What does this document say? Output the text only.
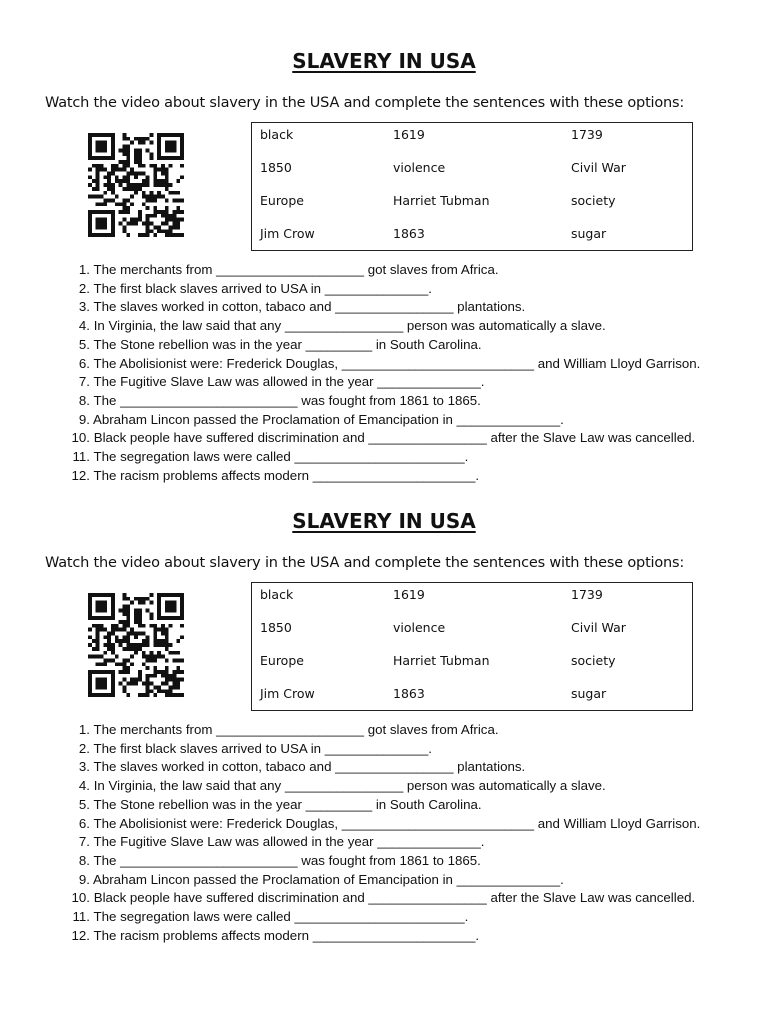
SLAVERY IN USA
Watch the video about slavery in the USA and complete the sentences with these options:
black	1619	1739
1850	violence	Civil War
Europe	Harriet Tubman	society
Jim Crow	1863	sugar
1. The merchants from ____________________ got slaves from Africa.
2. The first black slaves arrived to USA in ______________.
3. The slaves worked in cotton, tabaco and ________________ plantations.
4. In Virginia, the law said that any ________________ person was automatically a slave.
5. The Stone rebellion was in the year _________ in South Carolina.
6. The Abolisionist were: Frederick Douglas, __________________________ and William Lloyd Garrison.
7. The Fugitive Slave Law was allowed in the year ______________.
8. The ________________________ was fought from 1861 to 1865.
9. Abraham Lincon passed the Proclamation of Emancipation in ______________.
10. Black people have suffered discrimination and ________________ after the Slave Law was cancelled.
11. The segregation laws were called _______________________.
12. The racism problems affects modern ______________________.
SLAVERY IN USA
Watch the video about slavery in the USA and complete the sentences with these options:
black	1619	1739
1850	violence	Civil War
Europe	Harriet Tubman	society
Jim Crow	1863	sugar
1. The merchants from ____________________ got slaves from Africa.
2. The first black slaves arrived to USA in ______________.
3. The slaves worked in cotton, tabaco and ________________ plantations.
4. In Virginia, the law said that any ________________ person was automatically a slave.
5. The Stone rebellion was in the year _________ in South Carolina.
6. The Abolisionist were: Frederick Douglas, __________________________ and William Lloyd Garrison.
7. The Fugitive Slave Law was allowed in the year ______________.
8. The ________________________ was fought from 1861 to 1865.
9. Abraham Lincon passed the Proclamation of Emancipation in ______________.
10. Black people have suffered discrimination and ________________ after the Slave Law was cancelled.
11. The segregation laws were called _______________________.
12. The racism problems affects modern ______________________.
